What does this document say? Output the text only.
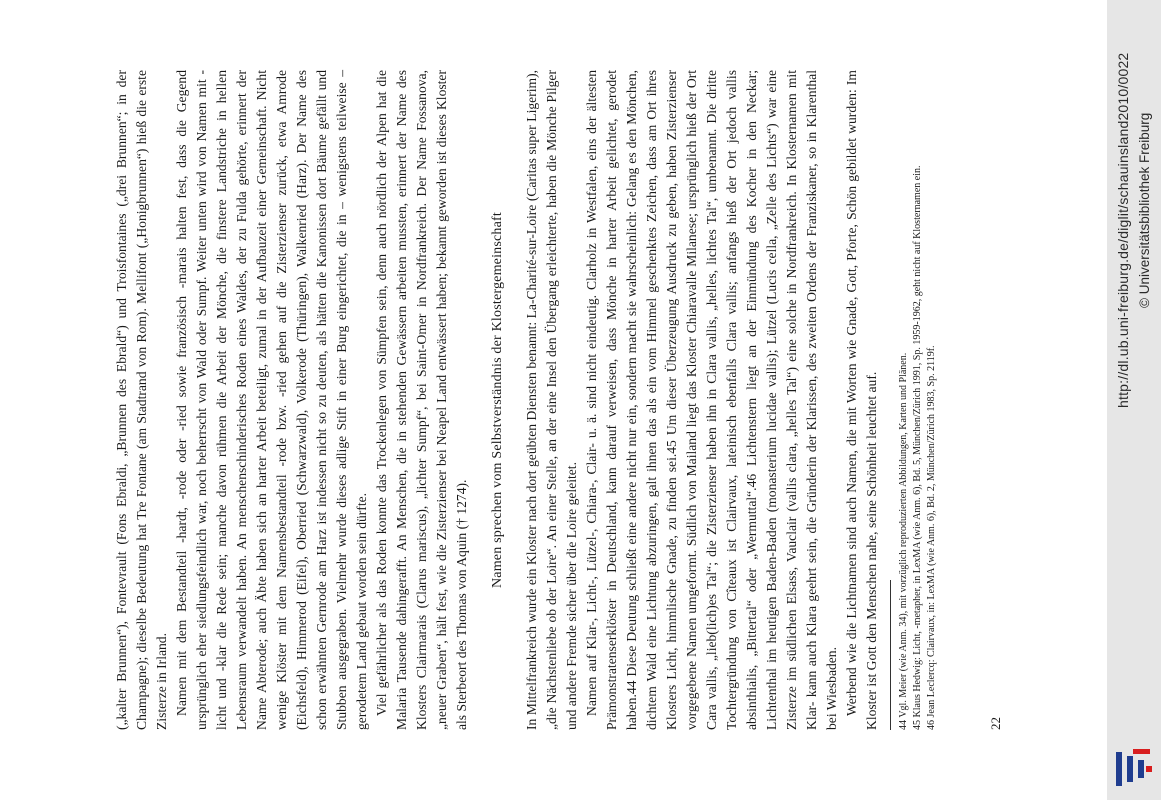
(„kalter Brunnen“), Fontevrault (Fons Ebraldi, „Brunnen des Ebrald“) und Troisfontaines („drei Brunnen“; in der Champagne); dieselbe Bedeutung hat Tre Fontane (am Stadtrand von Rom). Mellifont („Honigbrunnen“) hieß die erste Zisterze in Irland. Namen mit dem Bestandteil -hardt, -rode oder -ried sowie französisch -marais halten fest, dass die Gegend ursprünglich eher siedlungsfeindlich war, noch beherrscht von Wald oder Sumpf. Weiter unten wird von Namen mit -licht und -klar die Rede sein; manche davon rühmen die Arbeit der Mönche, die finstere Landstriche in hellen Lebensraum verwandelt haben. An menschenschinderisches Roden eines Waldes, der zu Fulda gehörte, erinnert der Name Abterode; auch Äbte haben sich an harter Arbeit beteiligt, zumal in der Aufbauzeit einer Gemeinschaft. Nicht wenige Klöster mit dem Namensbestandteil -rode bzw. -ried gehen auf die Zisterzienser zurück, etwa Amrode (Eichsfeld), Himmerod (Eifel), Oberried (Schwarzwald), Volkerode (Thüringen), Walkenried (Harz). Der Name des schon erwähnten Gernrode am Harz ist indessen nicht so zu deuten, als hätten die Kanonissen dort Bäume gefällt und Stubben ausgegraben. Vielmehr wurde dieses adlige Stift in einer Burg eingerichtet, die in – wenigstens teilweise – gerodetem Land gebaut worden sein dürfte. Viel gefährlicher als das Roden konnte das Trockenlegen von Sümpfen sein, denn auch nördlich der Alpen hat die Malaria Tausende dahingerafft. An Menschen, die in stehenden Gewässern arbeiten mussten, erinnert der Name des Klosters Clairmarais (Clarus mariscus), „lichter Sumpf“, bei Saint-Omer in Nordfrankreich. Der Name Fossanova, „neuer Graben“, hält fest, wie die Zisterzienser bei Neapel Land entwässert haben; bekannt geworden ist dieses Kloster als Sterbeort des Thomas von Aquin († 1274).

Namen sprechen vom Selbstverständnis der Klostergemeinschaft In Mittelfrankreich wurde ein Kloster nach dort geübten Diensten benannt: La-Charité-sur-Loire (Caritas super Ligerim), „die Nächstenliebe ob der Loire“. An einer Stelle, an der eine Insel den Übergang erleichterte, haben die Mönche Pilger und andere Fremde sicher über die Loire geleitet. Namen auf Klar-, Licht-, Lützel-, Chiara-, Clair- u. ä. sind nicht eindeutig. Clarholz in Westfalen, eins der ältesten Prämonstratenserklöster in Deutschland, kann darauf verweisen, dass Mönche in harter Arbeit gelichtet, gerodet haben.44 Diese Deutung schließt eine andere nicht nur ein, sondern macht sie wahrscheinlich: Gelang es den Mönchen, dichtem Wald eine Lichtung abzuringen, galt ihnen das als ein vom Himmel geschenktes Zeichen, dass am Ort ihres Klosters Licht, himmlische Gnade, zu finden sei.45 Um dieser Überzeugung Ausdruck zu geben, haben Zisterzienser vorgegebene Namen umgeformt. Südlich von Mailand liegt das Kloster Chiaravalle Milanese; ursprünglich hieß der Ort Cara vallis, „lieb(lich)es Tal“; die Zisterzienser haben ihn in Clara vallis, „helles, lichtes Tal“, umbenannt. Die dritte Tochtergründung von Cîteaux ist Clairvaux, lateinisch ebenfalls Clara vallis; anfangs hieß der Ort jedoch vallis absinthialis, „Bittertal“ oder „Wermuttal“.46 Lichtenstern liegt an der Einmündung des Kocher in den Neckar; Lichtenthal im heutigen Baden-Baden (monasterium lucidae vallis); Lützel (Lucis cella, „Zelle des Lichts“) war eine Zisterze im südlichen Elsass, Vauclair (vallis clara, „helles Tal“) eine solche in Nordfrankreich. In Klosternamen mit Klar- kann auch Klara geehrt sein, die Gründerin der Klarissen, des zweiten Ordens der Franziskaner, so in Klarenthal bei Wiesbaden. Werbend wie die Lichtnamen sind auch Namen, die mit Worten wie Gnade, Gott, Pforte, Schön gebildet wurden: Im Kloster ist Gott den Menschen nahe, seine Schönheit leuchtet auf.	44 Vgl. Meier (wie Anm. 34), mit vorzüglich reproduzierten Abbildungen, Karten und Plänen. 45 Klaus Hedwig: Licht, -metapher, in LexMA (wie Anm. 6), Bd. 5, München/Zürich 1991, Sp. 1959-1962, geht nicht auf Klosternamen ein. 46 Jean Leclercq: Clairvaux, in: LexMA (wie Anm. 6), Bd. 2, München/Zürich 1983, Sp. 2119f.	22
http://dl.ub.uni-freiburg.de/diglit/schauinsland2010/0022 © Universitätsbibliothek Freiburg
